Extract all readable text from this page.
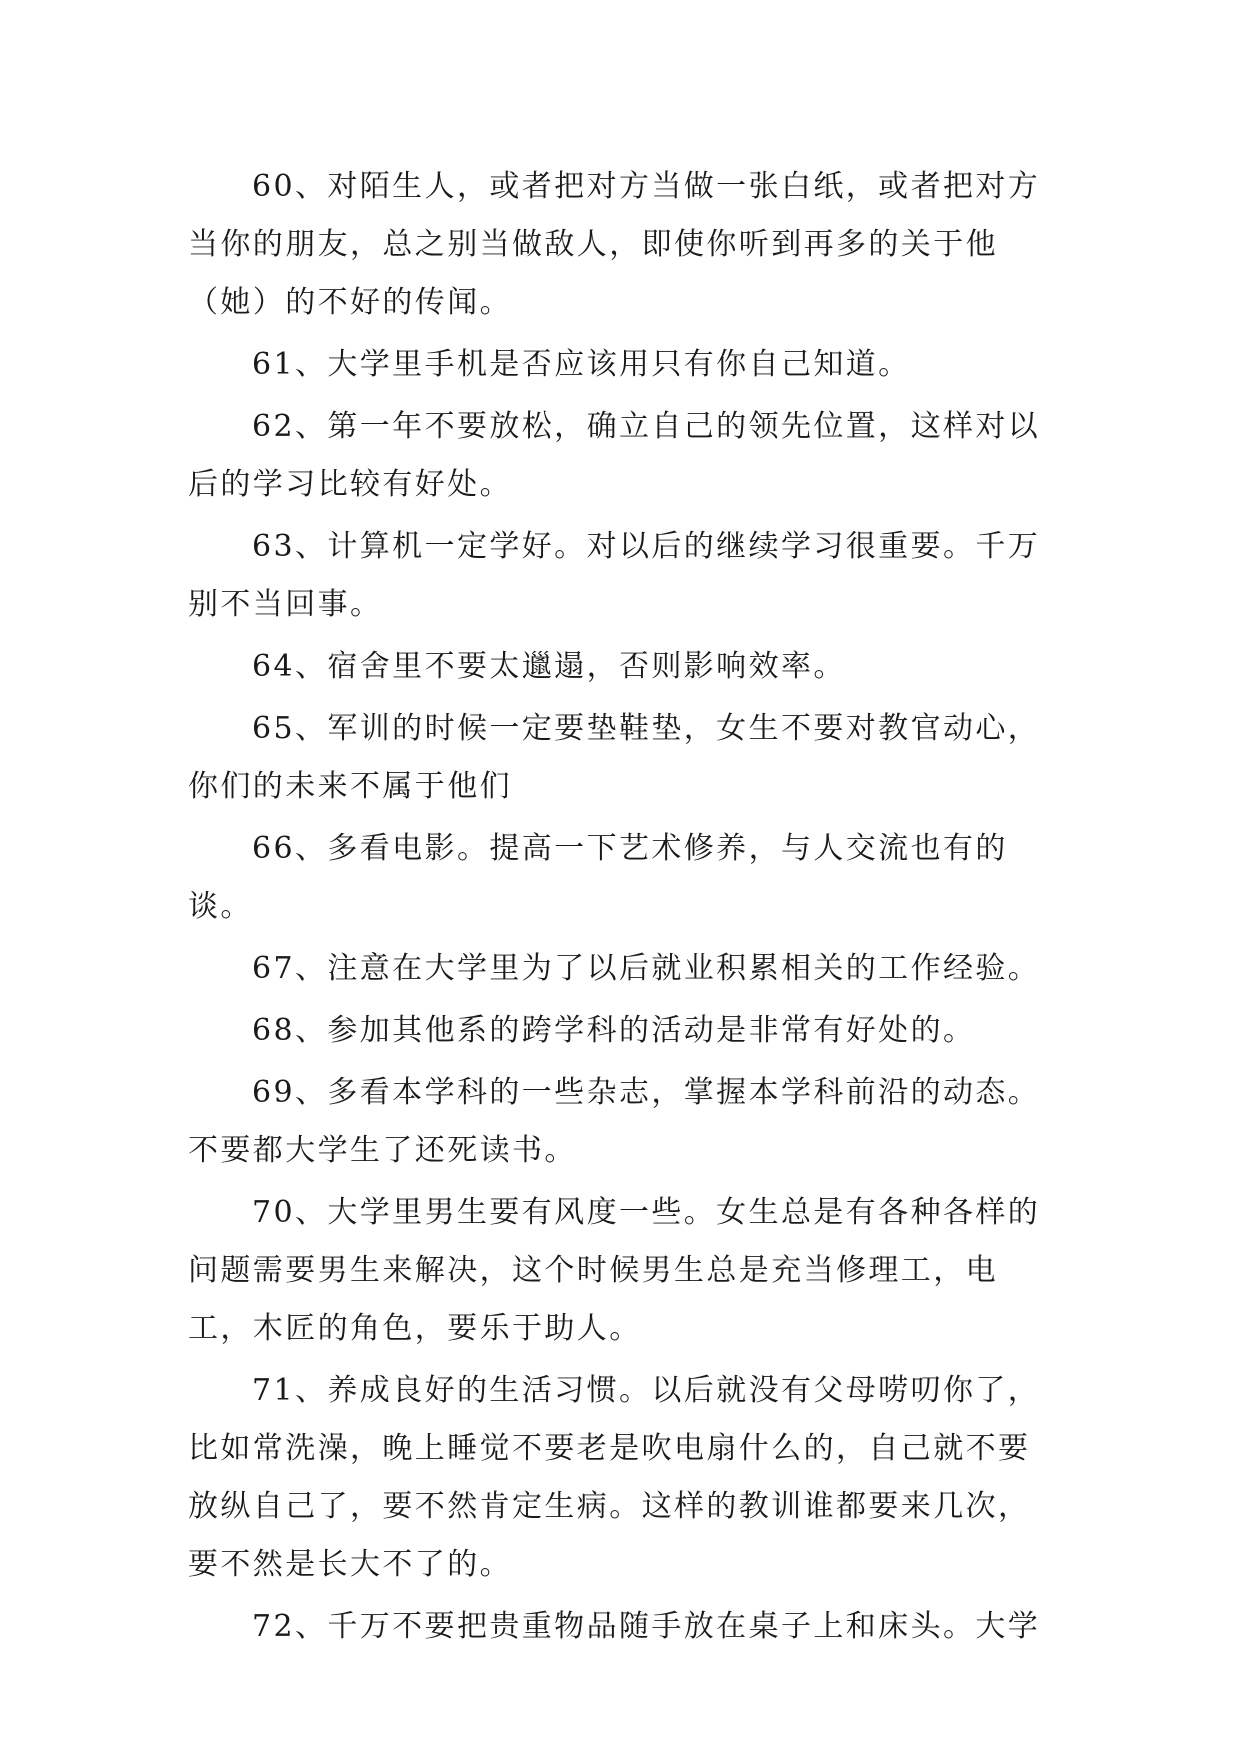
60、对陌生人，或者把对方当做一张白纸，或者把对方当你的朋友，总之别当做敌人，即使你听到再多的关于他（她）的不好的传闻。

61、大学里手机是否应该用只有你自己知道。

62、第一年不要放松，确立自己的领先位置，这样对以后的学习比较有好处。

63、计算机一定学好。对以后的继续学习很重要。千万别不当回事。

64、宿舍里不要太邋遢，否则影响效率。

65、军训的时候一定要垫鞋垫，女生不要对教官动心，你们的未来不属于他们

66、多看电影。提高一下艺术修养，与人交流也有的谈。

67、注意在大学里为了以后就业积累相关的工作经验。

68、参加其他系的跨学科的活动是非常有好处的。

69、多看本学科的一些杂志，掌握本学科前沿的动态。不要都大学生了还死读书。

70、大学里男生要有风度一些。女生总是有各种各样的问题需要男生来解决，这个时候男生总是充当修理工，电工，木匠的角色，要乐于助人。

71、养成良好的生活习惯。以后就没有父母唠叨你了，比如常洗澡，晚上睡觉不要老是吹电扇什么的，自己就不要放纵自己了，要不然肯定生病。这样的教训谁都要来几次，要不然是长大不了的。

72、千万不要把贵重物品随手放在桌子上和床头。大学
